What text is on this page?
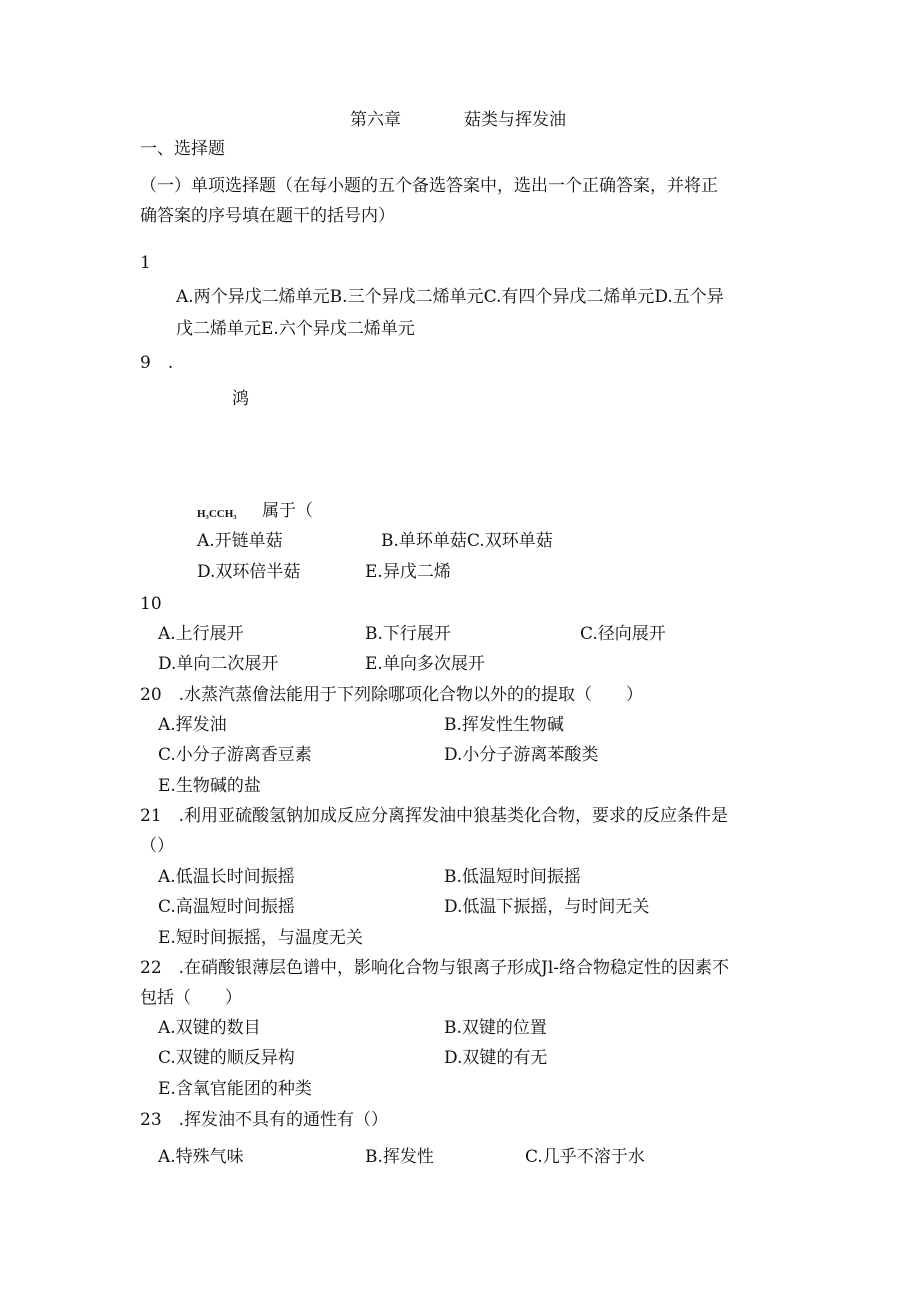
第六章	菇类与挥发油
一、选择题
（一）单项选择题（在每小题的五个备选答案中，选出一个正确答案，并将正
确答案的序号填在题干的括号内）
1
A.两个异戊二烯单元B.三个异戊二烯单元C.有四个异戊二烯单元D.五个异
戊二烯单元E.六个异戊二烯单元
9　.
鸿
H₃CCH₃ 属于（
A.开链单菇	B.单环单菇C.双环单菇
D.双环倍半菇	E.异戊二烯
10
A.上行展开	B.下行展开	C.径向展开
D.单向二次展开	E.单向多次展开
20　.水蒸汽蒸儈法能用于下列除哪项化合物以外的的提取（　　）
A.挥发油	B.挥发性生物碱
C.小分子游离香豆素	D.小分子游离苯酸类
E.生物碱的盐
21　.利用亚硫酸氢钠加成反应分离挥发油中狼基类化合物，要求的反应条件是
（）
A.低温长时间振摇	B.低温短时间振摇
C.高温短时间振摇	D.低温下振摇，与时间无关
E.短时间振摇，与温度无关
22　.在硝酸银薄层色谱中，影响化合物与银离子形成Jl-络合物稳定性的因素不
包括（　　）
A.双键的数目	B.双键的位置
C.双键的顺反异构	D.双键的有无
E.含氧官能团的种类
23　.挥发油不具有的通性有（）
A.特殊气味	B.挥发性	C.几乎不溶于水
